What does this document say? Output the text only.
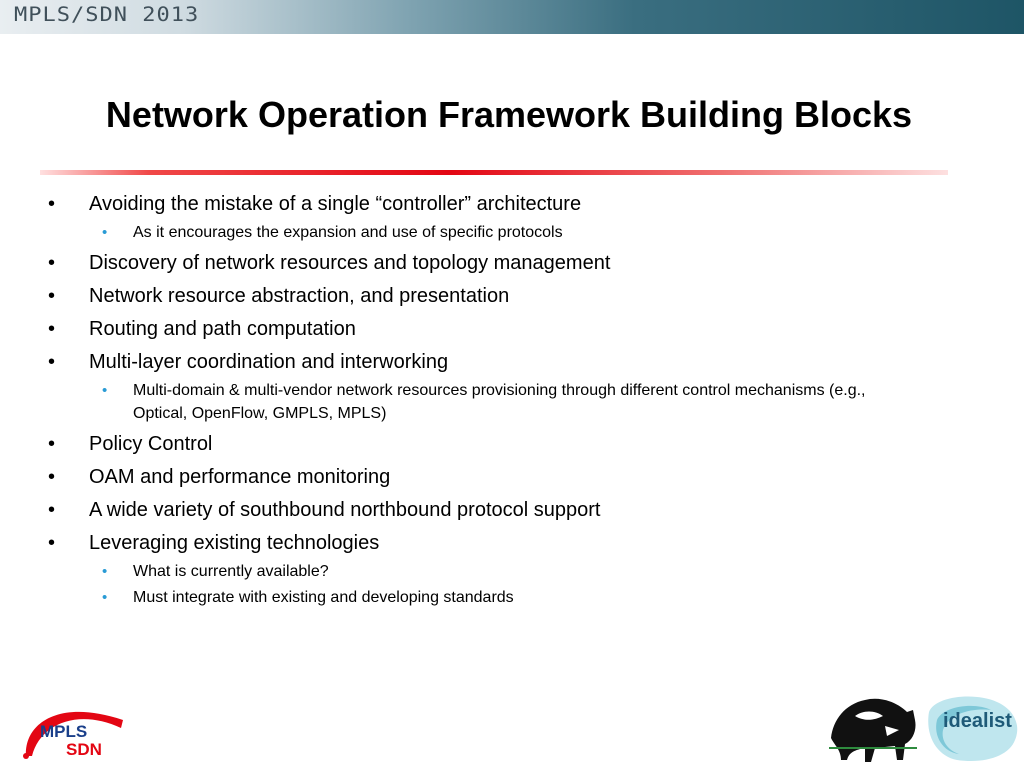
MPLS/SDN 2013
Network Operation Framework Building Blocks
• Avoiding the mistake of a single “controller” architecture
• As it encourages the expansion and use of specific protocols
• Discovery of network resources and topology management
• Network resource abstraction, and presentation
• Routing and path computation
• Multi-layer coordination and interworking
• Multi-domain & multi-vendor network resources provisioning through different control mechanisms (e.g., Optical, OpenFlow, GMPLS, MPLS)
• Policy Control
• OAM and performance monitoring
• A wide variety of southbound northbound protocol support
• Leveraging existing technologies
• What is currently available?
• Must integrate with existing and developing standards
MPLS
SDN
idealist
